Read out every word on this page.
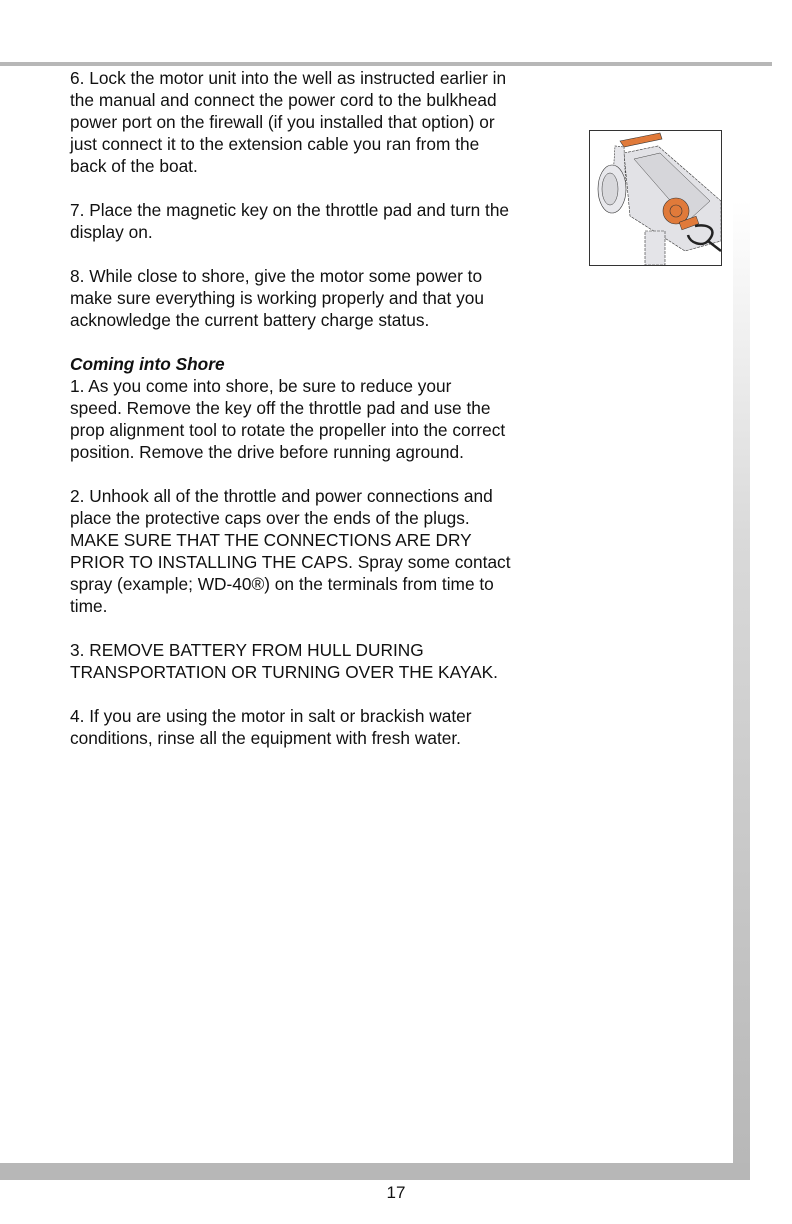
6. Lock the motor unit into the well as instructed earlier in
the manual and connect the power cord to the bulkhead
power port on the firewall (if you installed that option) or
just connect it to the extension cable you ran from the
back of the boat.

7. Place the magnetic key on the throttle pad and turn the
display on.

8. While close to shore, give the motor some power to
make sure everything is working properly and that you
acknowledge the current battery charge status.

Coming into Shore

1. As you come into shore, be sure to reduce your
speed. Remove the key off the throttle pad and use the
prop alignment tool to rotate the propeller into the correct
position. Remove the drive before running aground.

2. Unhook all of the throttle and power connections and
place the protective caps over the ends of the plugs.
MAKE SURE THAT THE CONNECTIONS ARE DRY
PRIOR TO INSTALLING THE CAPS. Spray some contact
spray (example; WD-40®) on the terminals from time to
time.

3. REMOVE BATTERY FROM HULL DURING
TRANSPORTATION OR TURNING OVER THE KAYAK.

4. If you are using the motor in salt or brackish water
conditions, rinse all the equipment with fresh water.

17
